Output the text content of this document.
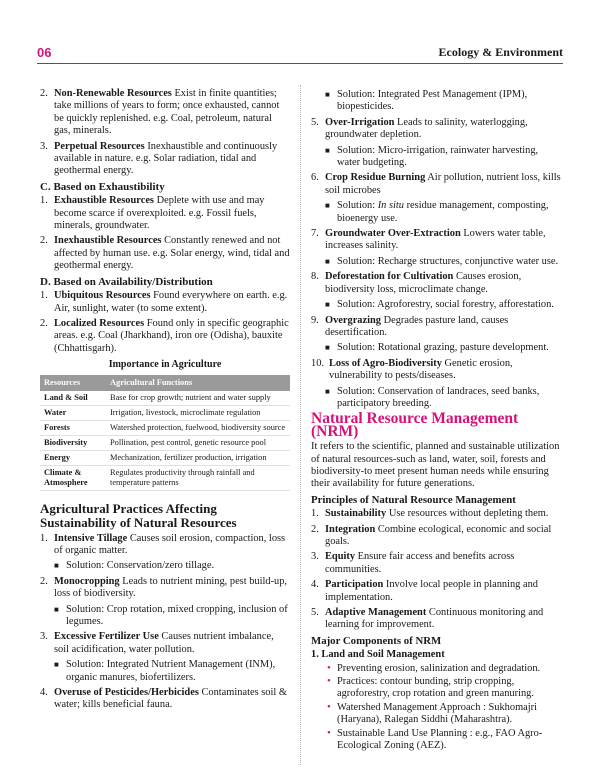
06	Ecology & Environment
2. Non-Renewable Resources Exist in finite quantities; take millions of years to form; once exhausted, cannot be quickly replenished. e.g. Coal, petroleum, natural gas, minerals.
3. Perpetual Resources Inexhaustible and continuously available in nature. e.g. Solar radiation, tidal and geothermal energy.
C. Based on Exhaustibility
1. Exhaustible Resources Deplete with use and may become scarce if overexploited. e.g. Fossil fuels, minerals, groundwater.
2. Inexhaustible Resources Constantly renewed and not affected by human use. e.g. Solar energy, wind, tidal and geothermal energy.
D. Based on Availability/Distribution
1. Ubiquitous Resources Found everywhere on earth. e.g. Air, sunlight, water (to some extent).
2. Localized Resources Found only in specific geographic areas. e.g. Coal (Jharkhand), iron ore (Odisha), bauxite (Chhattisgarh).
Importance in Agriculture
Resources	Agricultural Functions
Land & Soil	Base for crop growth; nutrient and water supply
Water	Irrigation, livestock, microclimate regulation
Forests	Watershed protection, fuelwood, biodiversity source
Biodiversity	Pollination, pest control, genetic resource pool
Energy	Mechanization, fertilizer production, irrigation
Climate & Atmosphere	Regulates productivity through rainfall and temperature patterns
Agricultural Practices Affecting Sustainability of Natural Resources
1. Intensive Tillage Causes soil erosion, compaction, loss of organic matter.
■ Solution: Conservation/zero tillage.
2. Monocropping Leads to nutrient mining, pest build-up, loss of biodiversity.
■ Solution: Crop rotation, mixed cropping, inclusion of legumes.
3. Excessive Fertilizer Use Causes nutrient imbalance, soil acidification, water pollution.
■ Solution: Integrated Nutrient Management (INM), organic manures, biofertilizers.
4. Overuse of Pesticides/Herbicides Contaminates soil & water; kills beneficial fauna.
■ Solution: Integrated Pest Management (IPM), biopesticides.
5. Over-Irrigation Leads to salinity, waterlogging, groundwater depletion.
■ Solution: Micro-irrigation, rainwater harvesting, water budgeting.
6. Crop Residue Burning Air pollution, nutrient loss, kills soil microbes
■ Solution: In situ residue management, composting, bioenergy use.
7. Groundwater Over-Extraction Lowers water table, increases salinity.
■ Solution: Recharge structures, conjunctive water use.
8. Deforestation for Cultivation Causes erosion, biodiversity loss, microclimate change.
■ Solution: Agroforestry, social forestry, afforestation.
9. Overgrazing Degrades pasture land, causes desertification.
■ Solution: Rotational grazing, pasture development.
10. Loss of Agro-Biodiversity Genetic erosion, vulnerability to pests/diseases.
■ Solution: Conservation of landraces, seed banks, participatory breeding.
Natural Resource Management (NRM)
It refers to the scientific, planned and sustainable utilization of natural resources-such as land, water, soil, forests and biodiversity-to meet present human needs while ensuring their availability for future generations.
Principles of Natural Resource Management
1. Sustainability Use resources without depleting them.
2. Integration Combine ecological, economic and social goals.
3. Equity Ensure fair access and benefits across communities.
4. Participation Involve local people in planning and implementation.
5. Adaptive Management Continuous monitoring and learning for improvement.
Major Components of NRM
1. Land and Soil Management
• Preventing erosion, salinization and degradation.
• Practices: contour bunding, strip cropping, agroforestry, crop rotation and green manuring.
• Watershed Management Approach : Sukhomajri (Haryana), Ralegan Siddhi (Maharashtra).
• Sustainable Land Use Planning : e.g., FAO Agro-Ecological Zoning (AEZ).
